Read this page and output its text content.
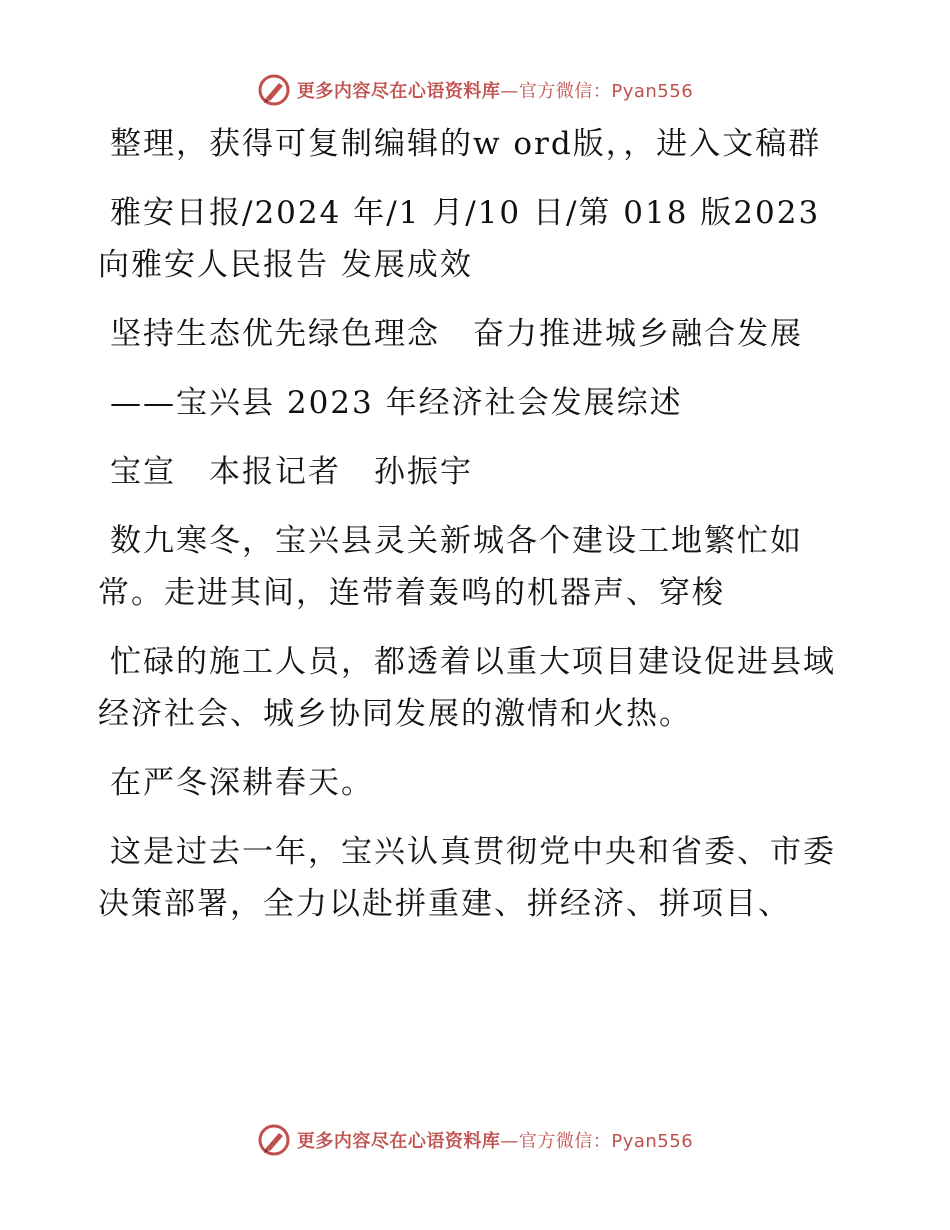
更多内容尽在心语资料库—官方微信：Pyan556

整理，获得可复制编辑的w ord版，，进入文稿群

雅安日报/2024 年/1 月/10 日/第 018 版2023 向雅安人民报告 发展成效

坚持生态优先绿色理念　奋力推进城乡融合发展

——宝兴县 2023 年经济社会发展综述

宝宣　本报记者　孙振宇

数九寒冬，宝兴县灵关新城各个建设工地繁忙如常。走进其间，连带着轰鸣的机器声、穿梭

忙碌的施工人员，都透着以重大项目建设促进县域经济社会、城乡协同发展的激情和火热。

在严冬深耕春天。

这是过去一年，宝兴认真贯彻党中央和省委、市委决策部署，全力以赴拼重建、拼经济、拼项目、

更多内容尽在心语资料库—官方微信：Pyan556
